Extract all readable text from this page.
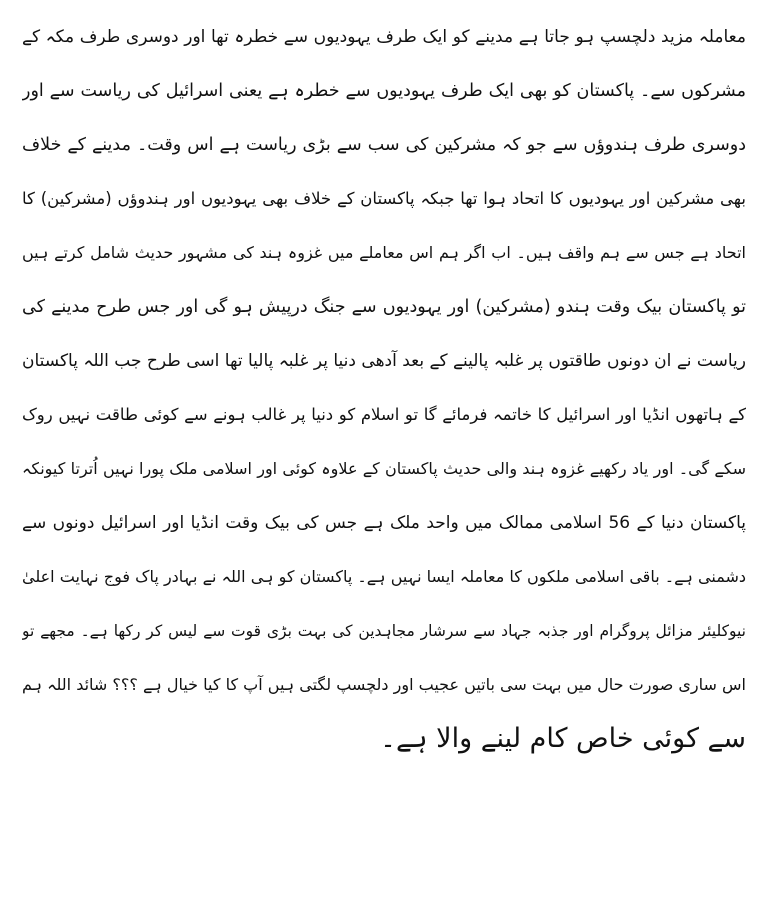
معاملہ مزید دلچسپ ہو جاتا ہے مدینے کو ایک طرف یہودیوں سے خطرہ تھا اور دوسری طرف مکہ کے
مشرکوں سے۔ پاکستان کو بھی ایک طرف یہودیوں سے خطرہ ہے یعنی اسرائیل کی ریاست سے اور
دوسری طرف ہندوؤں سے جو کہ مشرکین کی سب سے بڑی ریاست ہے اس وقت۔ مدینے کے خلاف
بھی مشرکین اور یہودیوں کا اتحاد ہوا تھا جبکہ پاکستان کے خلاف بھی یہودیوں اور ہندوؤں (مشرکین) کا
اتحاد ہے جس سے ہم واقف ہیں۔ اب اگر ہم اس معاملے میں غزوہ ہند کی مشہور حدیث شامل کرتے ہیں
تو پاکستان بیک وقت ہندو (مشرکین) اور یہودیوں سے جنگ درپیش ہو گی اور جس طرح مدینے کی
ریاست نے ان دونوں طاقتوں پر غلبہ پالینے کے بعد آدھی دنیا پر غلبہ پالیا تھا اسی طرح جب اللہ پاکستان
کے ہاتھوں انڈیا اور اسرائیل کا خاتمہ فرمائے گا تو اسلام کو دنیا پر غالب ہونے سے کوئی طاقت نہیں روک
سکے گی۔ اور یاد رکھیے غزوہ ہند والی حدیث پاکستان کے علاوہ کوئی اور اسلامی ملک پورا نہیں اُترتا کیونکہ
پاکستان دنیا کے 56 اسلامی ممالک میں واحد ملک ہے جس کی بیک وقت انڈیا اور اسرائیل دونوں سے
دشمنی ہے۔ باقی اسلامی ملکوں کا معاملہ ایسا نہیں ہے۔ پاکستان کو ہی اللہ نے بہادر پاک فوج نہایت اعلیٰ
نیوکلیئر مزائل پروگرام اور جذبہ جہاد سے سرشار مجاہدین کی بہت بڑی قوت سے لیس کر رکھا ہے۔ مجھے تو
اس ساری صورت حال میں بہت سی باتیں عجیب اور دلچسپ لگتی ہیں آپ کا کیا خیال ہے ؟؟؟ شائد اللہ ہم
سے کوئی خاص کام لینے والا ہے۔
